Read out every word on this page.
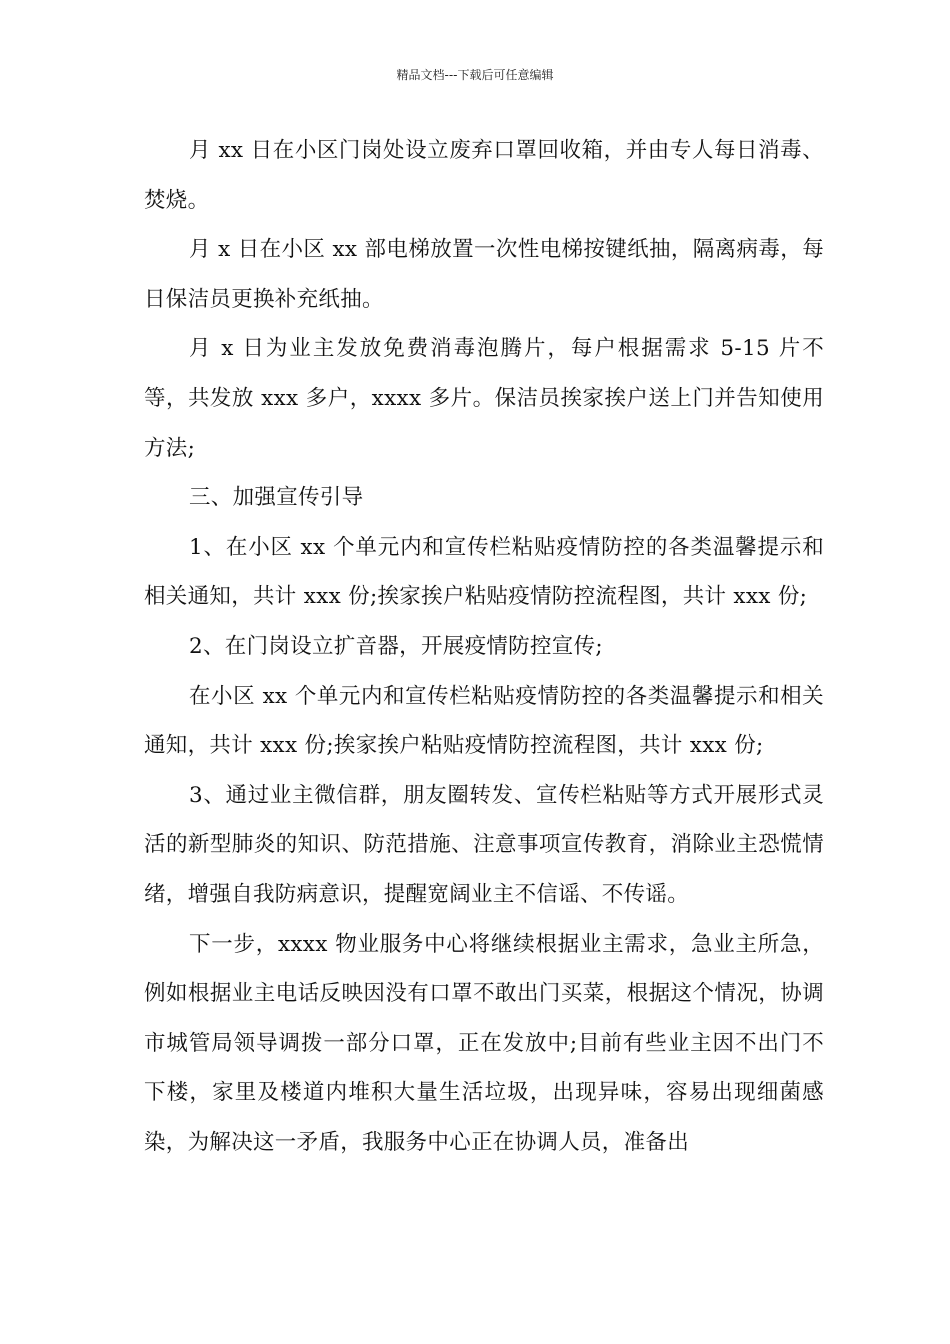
精品文档---下载后可任意编辑

月 xx 日在小区门岗处设立废弃口罩回收箱，并由专人每日消毒、焚烧。

月 x 日在小区 xx 部电梯放置一次性电梯按键纸抽，隔离病毒，每日保洁员更换补充纸抽。

月 x 日为业主发放免费消毒泡腾片，每户根据需求 5-15 片不等，共发放 xxx 多户，xxxx 多片。保洁员挨家挨户送上门并告知使用方法;

三、加强宣传引导

1、在小区 xx 个单元内和宣传栏粘贴疫情防控的各类温馨提示和相关通知，共计 xxx 份;挨家挨户粘贴疫情防控流程图，共计 xxx 份;

2、在门岗设立扩音器，开展疫情防控宣传;

在小区 xx 个单元内和宣传栏粘贴疫情防控的各类温馨提示和相关通知，共计 xxx 份;挨家挨户粘贴疫情防控流程图，共计 xxx 份;

3、通过业主微信群，朋友圈转发、宣传栏粘贴等方式开展形式灵活的新型肺炎的知识、防范措施、注意事项宣传教育，消除业主恐慌情绪，增强自我防病意识，提醒宽阔业主不信谣、不传谣。

下一步，xxxx 物业服务中心将继续根据业主需求，急业主所急，例如根据业主电话反映因没有口罩不敢出门买菜，根据这个情况，协调市城管局领导调拨一部分口罩，正在发放中;目前有些业主因不出门不下楼，家里及楼道内堆积大量生活垃圾，出现异味，容易出现细菌感染，为解决这一矛盾，我服务中心正在协调人员，准备出
